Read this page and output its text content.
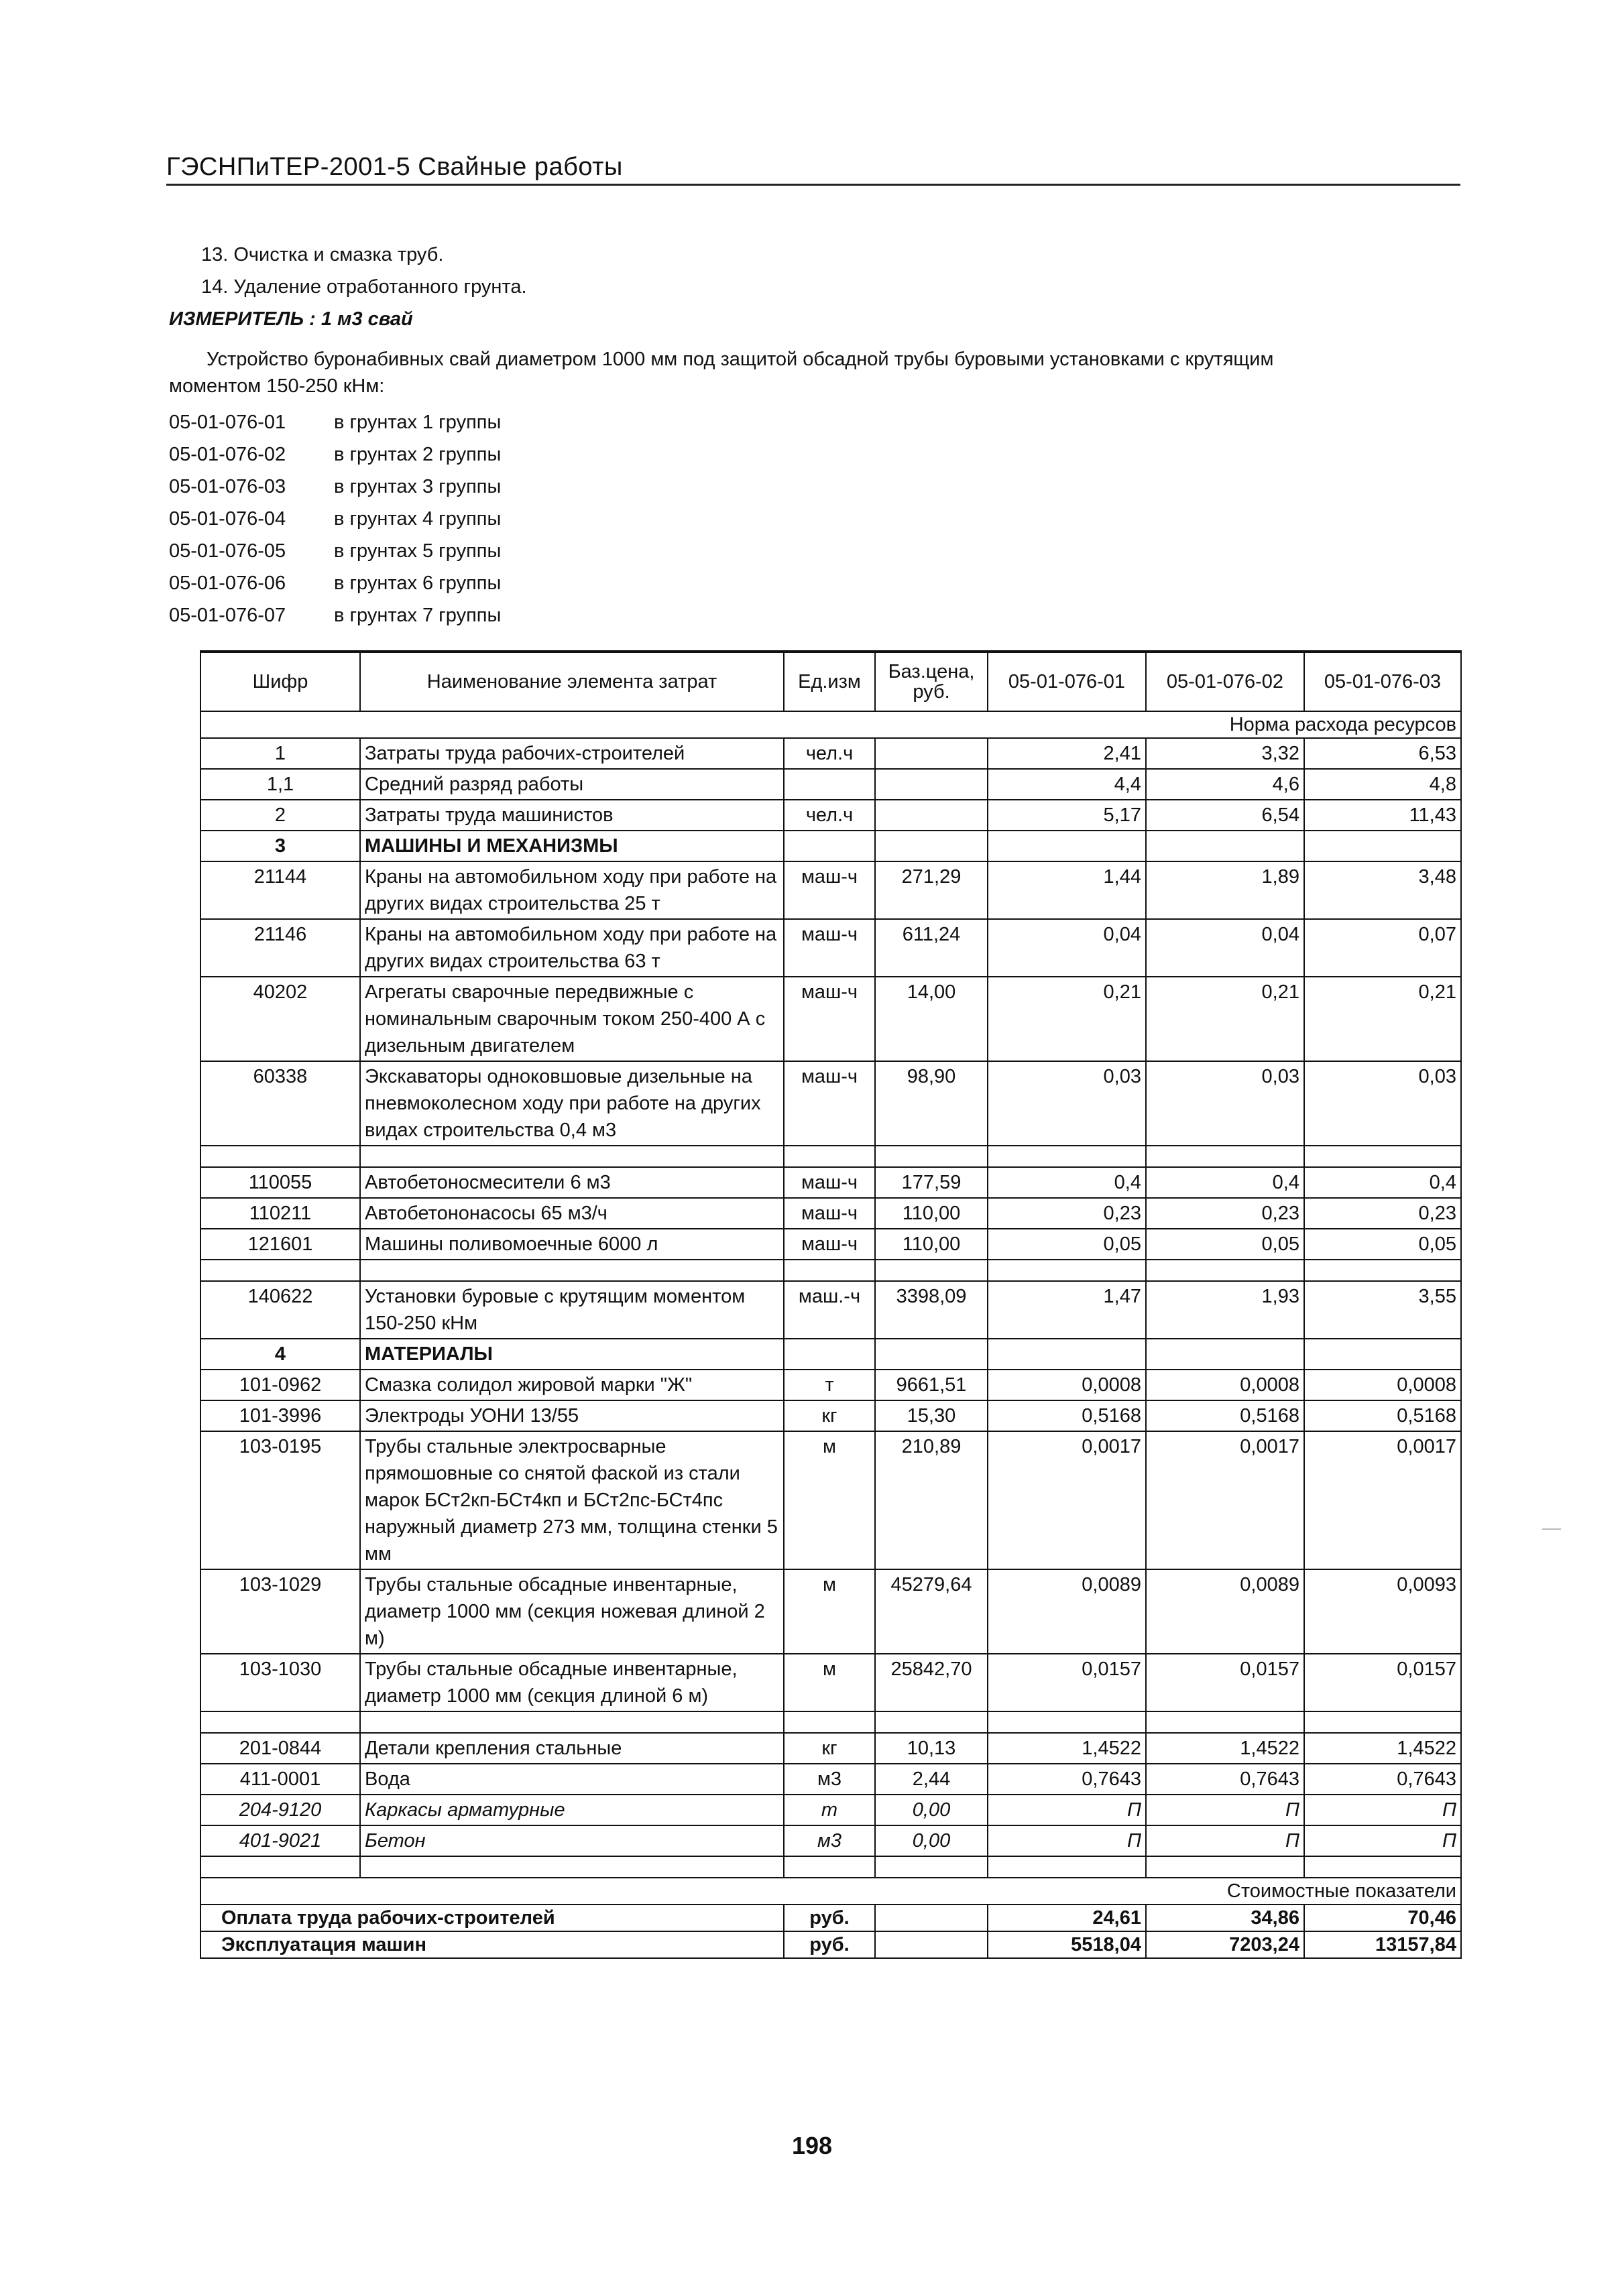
ГЭСНПиТЕР-2001-5 Свайные работы
13. Очистка и смазка труб.
14. Удаление отработанного грунта.
ИЗМЕРИТЕЛЬ : 1 м3 свай
Устройство буронабивных свай диаметром 1000 мм под защитой обсадной трубы буровыми установками с крутящим
моментом 150-250 кНм:
05-01-076-01	в грунтах 1 группы
05-01-076-02	в грунтах 2 группы
05-01-076-03	в грунтах 3 группы
05-01-076-04	в грунтах 4 группы
05-01-076-05	в грунтах 5 группы
05-01-076-06	в грунтах 6 группы
05-01-076-07	в грунтах 7 группы
Шифр	Наименование элемента затрат	Ед.изм	Баз.цена, руб.	05-01-076-01	05-01-076-02	05-01-076-03
Норма расхода ресурсов						
1	Затраты труда рабочих-строителей	чел.ч		2,41	3,32	6,53
1,1	Средний разряд работы			4,4	4,6	4,8
2	Затраты труда машинистов	чел.ч		5,17	6,54	11,43
3	МАШИНЫ И МЕХАНИЗМЫ					
21144	Краны на автомобильном ходу при работе на других видах строительства 25 т	маш-ч	271,29	1,44	1,89	3,48
21146	Краны на автомобильном ходу при работе на других видах строительства 63 т	маш-ч	611,24	0,04	0,04	0,07
40202	Агрегаты сварочные передвижные с номинальным сварочным током 250-400 А с дизельным двигателем	маш-ч	14,00	0,21	0,21	0,21
60338	Экскаваторы одноковшовые дизельные на пневмоколесном ходу при работе на других видах строительства 0,4 м3	маш-ч	98,90	0,03	0,03	0,03

110055	Автобетоносмесители 6 м3	маш-ч	177,59	0,4	0,4	0,4
110211	Автобетононасосы 65 м3/ч	маш-ч	110,00	0,23	0,23	0,23
121601	Машины поливомоечные 6000 л	маш-ч	110,00	0,05	0,05	0,05

140622	Установки буровые с крутящим моментом 150-250 кНм	маш.-ч	3398,09	1,47	1,93	3,55
4	МАТЕРИАЛЫ					
101-0962	Смазка солидол жировой марки "Ж"	т	9661,51	0,0008	0,0008	0,0008
101-3996	Электроды УОНИ 13/55	кг	15,30	0,5168	0,5168	0,5168
103-0195	Трубы стальные электросварные прямошовные со снятой фаской из стали марок БСт2кп-БСт4кп и БСт2пс-БСт4пс наружный диаметр 273 мм, толщина стенки 5 мм	м	210,89	0,0017	0,0017	0,0017
103-1029	Трубы стальные обсадные инвентарные, диаметр 1000 мм (секция ножевая длиной 2 м)	м	45279,64	0,0089	0,0089	0,0093
103-1030	Трубы стальные обсадные инвентарные, диаметр 1000 мм (секция длиной 6 м)	м	25842,70	0,0157	0,0157	0,0157

201-0844	Детали крепления стальные	кг	10,13	1,4522	1,4522	1,4522
411-0001	Вода	м3	2,44	0,7643	0,7643	0,7643
204-9120	Каркасы арматурные	т	0,00	П	П	П
401-9021	Бетон	м3	0,00	П	П	П

Стоимостные показатели						
Оплата труда рабочих-строителей		руб.		24,61	34,86	70,46
Эксплуатация машин		руб.		5518,04	7203,24	13157,84
198
